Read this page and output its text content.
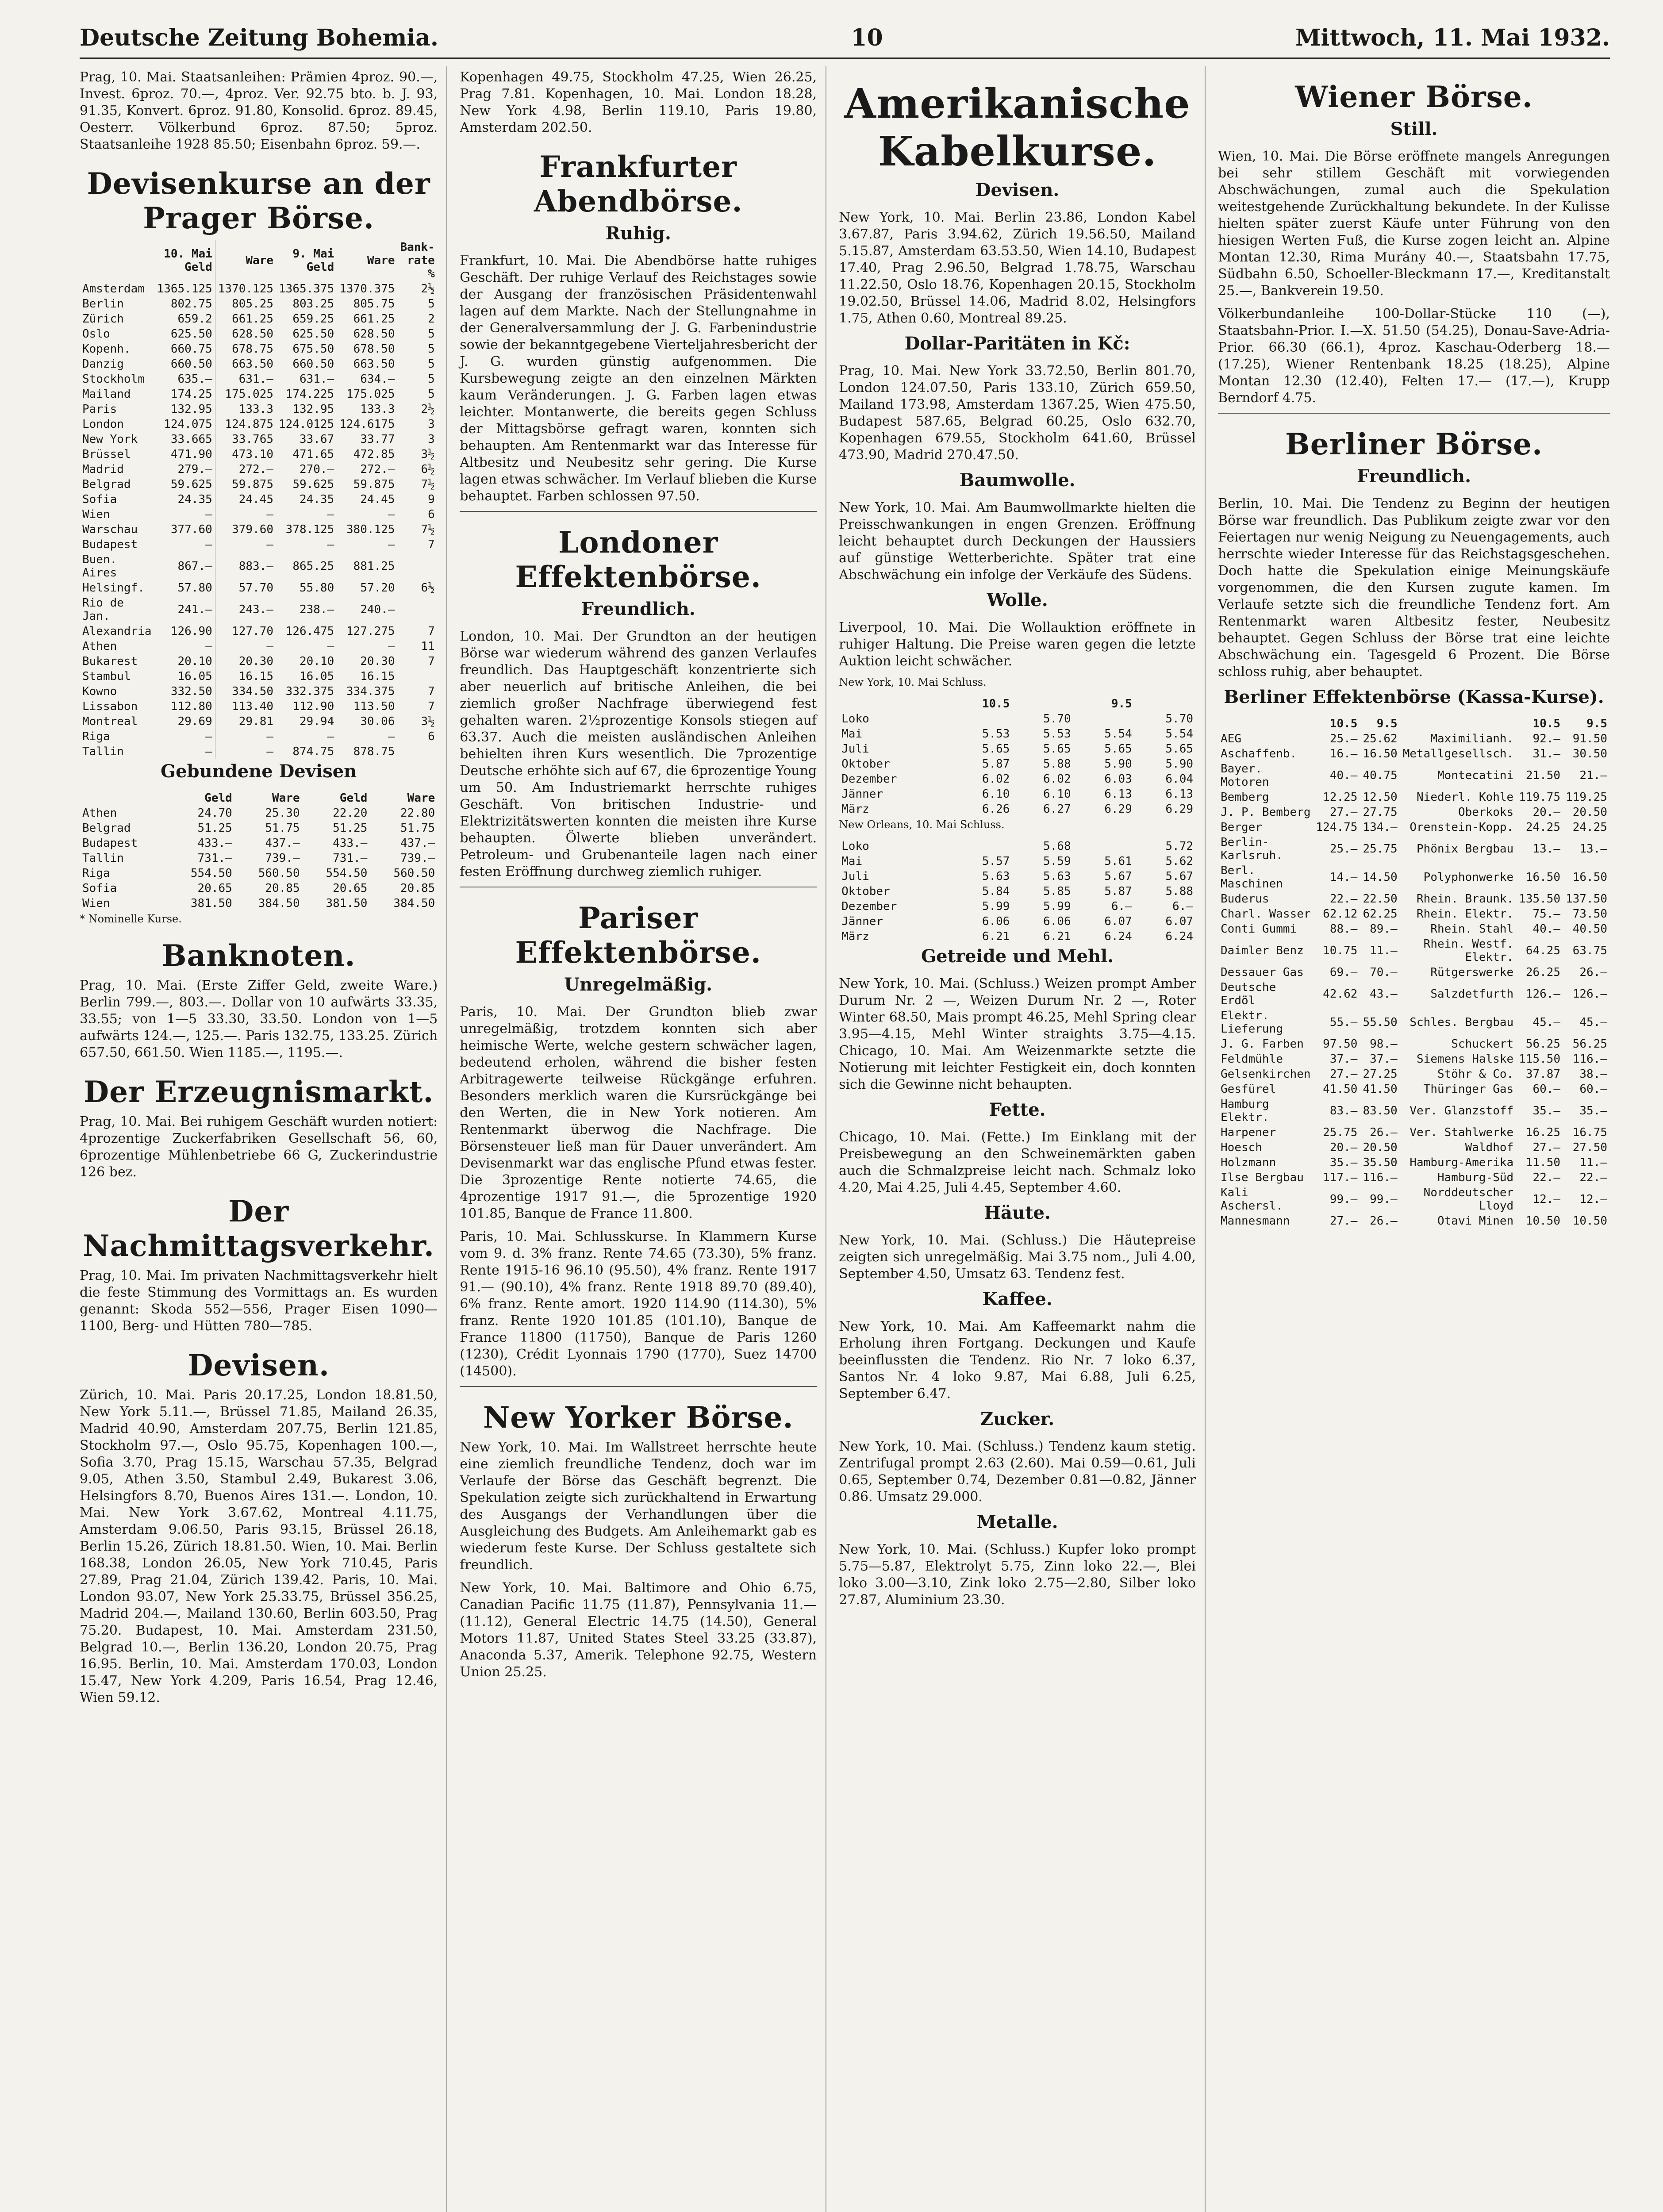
Deutsche Zeitung Bohemia.	10	Mittwoch, 11. Mai 1932.

Prag, 10. Mai. Staatsanleihen: Prämien 4proz. 90.—, Invest. 6proz. 70.—, 4proz. Ver. 92.75 bto. b. J. 93, 91.35, Konvert. 6proz. 91.80, Konsolid. 6proz. 89.45, Oesterr. Völkerbund 6proz. 87.50; 5proz. Staatsanleihe 1928 85.50; Eisenbahn 6proz. 59.—.

Devisenkurse an der Prager Börse.
	10. Mai Geld	Ware	9. Mai Geld	Ware	Bank-rate %
Amsterdam	1365.125	1370.125	1365.375	1370.375	2½
Berlin	802.75	805.25	803.25	805.75	5
Zürich	659.2	661.25	659.25	661.25	2
Oslo	625.50	628.50	625.50	628.50	5
Kopenh.	660.75	678.75	675.50	678.50	5
Danzig	660.50	663.50	660.50	663.50	5
Stockholm	635.—	631.—	631.—	634.—	5
Mailand	174.25	175.025	174.225	175.025	5
Paris	132.95	133.3	132.95	133.3	2½
London	124.075	124.875	124.0125	124.6175	3
New York	33.665	33.765	33.67	33.77	3
Brüssel	471.90	473.10	471.65	472.85	3½
Madrid	279.—	272.—	270.—	272.—	6½
Belgrad	59.625	59.875	59.625	59.875	7½
Sofia	24.35	24.45	24.35	24.45	9
Wien	—	—	—	—	6
Warschau	377.60	379.60	378.125	380.125	7½
Budapest	—	—	—	—	7
Buen. Aires	867.—	883.—	865.25	881.25	
Helsingf.	57.80	57.70	55.80	57.20	6½
Rio de Jan.	241.—	243.—	238.—	240.—	
Alexandria	126.90	127.70	126.475	127.275	7
Athen	—	—	—	—	11
Bukarest	20.10	20.30	20.10	20.30	7
Stambul	16.05	16.15	16.05	16.15	
Kowno	332.50	334.50	332.375	334.375	7
Lissabon	112.80	113.40	112.90	113.50	7
Montreal	29.69	29.81	29.94	30.06	3½
Riga	—	—	—	—	6
Tallin	—	—	874.75	878.75	
Gebundene Devisen
	Geld	Ware	Geld	Ware
Athen	24.70	25.30	22.20	22.80
Belgrad	51.25	51.75	51.25	51.75
Budapest	433.—	437.—	433.—	437.—
Tallin	731.—	739.—	731.—	739.—
Riga	554.50	560.50	554.50	560.50
Sofia	20.65	20.85	20.65	20.85
Wien	381.50	384.50	381.50	384.50
* Nominelle Kurse.
Banknoten.

Prag, 10. Mai. (Erste Ziffer Geld, zweite Ware.) Berlin 799.—, 803.—. Dollar von 10 aufwärts 33.35, 33.55; von 1—5 33.30, 33.50. London von 1—5 aufwärts 124.—, 125.—. Paris 132.75, 133.25. Zürich 657.50, 661.50. Wien 1185.—, 1195.—.

Der Erzeugnismarkt.

Prag, 10. Mai. Bei ruhigem Geschäft wurden notiert: 4prozentige Zuckerfabriken Gesellschaft 56, 60, 6prozentige Mühlenbetriebe 66 G, Zuckerindustrie 126 bez.

Der Nachmittagsverkehr.

Prag, 10. Mai. Im privaten Nachmittagsverkehr hielt die feste Stimmung des Vormittags an. Es wurden genannt: Skoda 552—556, Prager Eisen 1090—1100, Berg- und Hütten 780—785.

Devisen.

Zürich, 10. Mai. Paris 20.17.25, London 18.81.50, New York 5.11.—, Brüssel 71.85, Mailand 26.35, Madrid 40.90, Amsterdam 207.75, Berlin 121.85, Stockholm 97.—, Oslo 95.75, Kopenhagen 100.—, Sofia 3.70, Prag 15.15, Warschau 57.35, Belgrad 9.05, Athen 3.50, Stambul 2.49, Bukarest 3.06, Helsingfors 8.70, Buenos Aires 131.—. London, 10. Mai. New York 3.67.62, Montreal 4.11.75, Amsterdam 9.06.50, Paris 93.15, Brüssel 26.18, Berlin 15.26, Zürich 18.81.50. Wien, 10. Mai. Berlin 168.38, London 26.05, New York 710.45, Paris 27.89, Prag 21.04, Zürich 139.42. Paris, 10. Mai. London 93.07, New York 25.33.75, Brüssel 356.25, Madrid 204.—, Mailand 130.60, Berlin 603.50, Prag 75.20. Budapest, 10. Mai. Amsterdam 231.50, Belgrad 10.—, Berlin 136.20, London 20.75, Prag 16.95. Berlin, 10. Mai. Amsterdam 170.03, London 15.47, New York 4.209, Paris 16.54, Prag 12.46, Wien 59.12.

Kopenhagen 49.75, Stockholm 47.25, Wien 26.25, Prag 7.81. Kopenhagen, 10. Mai. London 18.28, New York 4.98, Berlin 119.10, Paris 19.80, Amsterdam 202.50.

Frankfurter Abendbörse.
Ruhig.

Frankfurt, 10. Mai. Die Abendbörse hatte ruhiges Geschäft. Der ruhige Verlauf des Reichstages sowie der Ausgang der französischen Präsidentenwahl lagen auf dem Markte. Nach der Stellungnahme in der Generalversammlung der J. G. Farbenindustrie sowie der bekanntgegebene Vierteljahresbericht der J. G. wurden günstig aufgenommen. Die Kursbewegung zeigte an den einzelnen Märkten kaum Veränderungen. J. G. Farben lagen etwas leichter. Montanwerte, die bereits gegen Schluss der Mittagsbörse gefragt waren, konnten sich behaupten. Am Rentenmarkt war das Interesse für Altbesitz und Neubesitz sehr gering. Die Kurse lagen etwas schwächer. Im Verlauf blieben die Kurse behauptet. Farben schlossen 97.50.

Londoner Effektenbörse.
Freundlich.

London, 10. Mai. Der Grundton an der heutigen Börse war wiederum während des ganzen Verlaufes freundlich. Das Hauptgeschäft konzentrierte sich aber neuerlich auf britische Anleihen, die bei ziemlich großer Nachfrage überwiegend fest gehalten waren. 2½prozentige Konsols stiegen auf 63.37. Auch die meisten ausländischen Anleihen behielten ihren Kurs wesentlich. Die 7prozentige Deutsche erhöhte sich auf 67, die 6prozentige Young um 50. Am Industriemarkt herrschte ruhiges Geschäft. Von britischen Industrie- und Elektrizitätswerten konnten die meisten ihre Kurse behaupten. Ölwerte blieben unverändert. Petroleum- und Grubenanteile lagen nach einer festen Eröffnung durchweg ziemlich ruhiger.

Pariser Effektenbörse.
Unregelmäßig.

Paris, 10. Mai. Der Grundton blieb zwar unregelmäßig, trotzdem konnten sich aber heimische Werte, welche gestern schwächer lagen, bedeutend erholen, während die bisher festen Arbitragewerte teilweise Rückgänge erfuhren. Besonders merklich waren die Kursrückgänge bei den Werten, die in New York notieren. Am Rentenmarkt überwog die Nachfrage. Die Börsensteuer ließ man für Dauer unverändert. Am Devisenmarkt war das englische Pfund etwas fester. Die 3prozentige Rente notierte 74.65, die 4prozentige 1917 91.—, die 5prozentige 1920 101.85, Banque de France 11.800.

Paris, 10. Mai. Schlusskurse. In Klammern Kurse vom 9. d. 3% franz. Rente 74.65 (73.30), 5% franz. Rente 1915-16 96.10 (95.50), 4% franz. Rente 1917 91.— (90.10), 4% franz. Rente 1918 89.70 (89.40), 6% franz. Rente amort. 1920 114.90 (114.30), 5% franz. Rente 1920 101.85 (101.10), Banque de France 11800 (11750), Banque de Paris 1260 (1230), Crédit Lyonnais 1790 (1770), Suez 14700 (14500).

New Yorker Börse.

New York, 10. Mai. Im Wallstreet herrschte heute eine ziemlich freundliche Tendenz, doch war im Verlaufe der Börse das Geschäft begrenzt. Die Spekulation zeigte sich zurückhaltend in Erwartung des Ausgangs der Verhandlungen über die Ausgleichung des Budgets. Am Anleihemarkt gab es wiederum feste Kurse. Der Schluss gestaltete sich freundlich.

New York, 10. Mai. Baltimore and Ohio 6.75, Canadian Pacific 11.75 (11.87), Pennsylvania 11.— (11.12), General Electric 14.75 (14.50), General Motors 11.87, United States Steel 33.25 (33.87), Anaconda 5.37, Amerik. Telephone 92.75, Western Union 25.25.

Amerikanische Kabelkurse.
Devisen.

New York, 10. Mai. Berlin 23.86, London Kabel 3.67.87, Paris 3.94.62, Zürich 19.56.50, Mailand 5.15.87, Amsterdam 63.53.50, Wien 14.10, Budapest 17.40, Prag 2.96.50, Belgrad 1.78.75, Warschau 11.22.50, Oslo 18.76, Kopenhagen 20.15, Stockholm 19.02.50, Brüssel 14.06, Madrid 8.02, Helsingfors 1.75, Athen 0.60, Montreal 89.25.

Dollar-Paritäten in Kč:

Prag, 10. Mai. New York 33.72.50, Berlin 801.70, London 124.07.50, Paris 133.10, Zürich 659.50, Mailand 173.98, Amsterdam 1367.25, Wien 475.50, Budapest 587.65, Belgrad 60.25, Oslo 632.70, Kopenhagen 679.55, Stockholm 641.60, Brüssel 473.90, Madrid 270.47.50.

Baumwolle.

New York, 10. Mai. Am Baumwollmarkte hielten die Preisschwankungen in engen Grenzen. Eröffnung leicht behauptet durch Deckungen der Haussiers auf günstige Wetterberichte. Später trat eine Abschwächung ein infolge der Verkäufe des Südens.

Wolle.

Liverpool, 10. Mai. Die Wollauktion eröffnete in ruhiger Haltung. Die Preise waren gegen die letzte Auktion leicht schwächer.

New York, 10. Mai Schluss.
	10.5		9.5	
Loko		5.70		5.70
Mai	5.53	5.53	5.54	5.54
Juli	5.65	5.65	5.65	5.65
Oktober	5.87	5.88	5.90	5.90
Dezember	6.02	6.02	6.03	6.04
Jänner	6.10	6.10	6.13	6.13
März	6.26	6.27	6.29	6.29
New Orleans, 10. Mai Schluss.
Loko		5.68		5.72
Mai	5.57	5.59	5.61	5.62
Juli	5.63	5.63	5.67	5.67
Oktober	5.84	5.85	5.87	5.88
Dezember	5.99	5.99	6.—	6.—
Jänner	6.06	6.06	6.07	6.07
März	6.21	6.21	6.24	6.24
Getreide und Mehl.

New York, 10. Mai. (Schluss.) Weizen prompt Amber Durum Nr. 2 —, Weizen Durum Nr. 2 —, Roter Winter 68.50, Mais prompt 46.25, Mehl Spring clear 3.95—4.15, Mehl Winter straights 3.75—4.15. Chicago, 10. Mai. Am Weizenmarkte setzte die Notierung mit leichter Festigkeit ein, doch konnten sich die Gewinne nicht behaupten.

Fette.

Chicago, 10. Mai. (Fette.) Im Einklang mit der Preisbewegung an den Schweinemärkten gaben auch die Schmalzpreise leicht nach. Schmalz loko 4.20, Mai 4.25, Juli 4.45, September 4.60.

Häute.

New York, 10. Mai. (Schluss.) Die Häutepreise zeigten sich unregelmäßig. Mai 3.75 nom., Juli 4.00, September 4.50, Umsatz 63. Tendenz fest.

Kaffee.

New York, 10. Mai. Am Kaffeemarkt nahm die Erholung ihren Fortgang. Deckungen und Kaufe beeinflussten die Tendenz. Rio Nr. 7 loko 6.37, Santos Nr. 4 loko 9.87, Mai 6.88, Juli 6.25, September 6.47.

Zucker.

New York, 10. Mai. (Schluss.) Tendenz kaum stetig. Zentrifugal prompt 2.63 (2.60). Mai 0.59—0.61, Juli 0.65, September 0.74, Dezember 0.81—0.82, Jänner 0.86. Umsatz 29.000.

Metalle.

New York, 10. Mai. (Schluss.) Kupfer loko prompt 5.75—5.87, Elektrolyt 5.75, Zinn loko 22.—, Blei loko 3.00—3.10, Zink loko 2.75—2.80, Silber loko 27.87, Aluminium 23.30.

Wiener Börse.
Still.

Wien, 10. Mai. Die Börse eröffnete mangels Anregungen bei sehr stillem Geschäft mit vorwiegenden Abschwächungen, zumal auch die Spekulation weitestgehende Zurückhaltung bekundete. In der Kulisse hielten später zuerst Käufe unter Führung von den hiesigen Werten Fuß, die Kurse zogen leicht an. Alpine Montan 12.30, Rima Murány 40.—, Staatsbahn 17.75, Südbahn 6.50, Schoeller-Bleckmann 17.—, Kreditanstalt 25.—, Bankverein 19.50.

Völkerbundanleihe 100-Dollar-Stücke 110 (—), Staatsbahn-Prior. I.—X. 51.50 (54.25), Donau-Save-Adria-Prior. 66.30 (66.1), 4proz. Kaschau-Oderberg 18.— (17.25), Wiener Rentenbank 18.25 (18.25), Alpine Montan 12.30 (12.40), Felten 17.— (17.—), Krupp Berndorf 4.75.

Berliner Börse.
Freundlich.

Berlin, 10. Mai. Die Tendenz zu Beginn der heutigen Börse war freundlich. Das Publikum zeigte zwar vor den Feiertagen nur wenig Neigung zu Neuengagements, auch herrschte wieder Interesse für das Reichstagsgeschehen. Doch hatte die Spekulation einige Meinungskäufe vorgenommen, die den Kursen zugute kamen. Im Verlaufe setzte sich die freundliche Tendenz fort. Am Rentenmarkt waren Altbesitz fester, Neubesitz behauptet. Gegen Schluss der Börse trat eine leichte Abschwächung ein. Tagesgeld 6 Prozent. Die Börse schloss ruhig, aber behauptet.

Berliner Effektenbörse (Kassa-Kurse).
	10.5	9.5		10.5	9.5
AEG	25.—	25.62	Maximilianh.	92.—	91.50
Aschaffenb.	16.—	16.50	Metallgesellsch.	31.—	30.50
Bayer. Motoren	40.—	40.75	Montecatini	21.50	21.—
Bemberg	12.25	12.50	Niederl. Kohle	119.75	119.25
J. P. Bemberg	27.—	27.75	Oberkoks	20.—	20.50
Berger	124.75	134.—	Orenstein-Kopp.	24.25	24.25
Berlin-Karlsruh.	25.—	25.75	Phönix Bergbau	13.—	13.—
Berl. Maschinen	14.—	14.50	Polyphonwerke	16.50	16.50
Buderus	22.—	22.50	Rhein. Braunk.	135.50	137.50
Charl. Wasser	62.12	62.25	Rhein. Elektr.	75.—	73.50
Conti Gummi	88.—	89.—	Rhein. Stahl	40.—	40.50
Daimler Benz	10.75	11.—	Rhein. Westf. Elektr.	64.25	63.75
Dessauer Gas	69.—	70.—	Rütgerswerke	26.25	26.—
Deutsche Erdöl	42.62	43.—	Salzdetfurth	126.—	126.—
Elektr. Lieferung	55.—	55.50	Schles. Bergbau	45.—	45.—
J. G. Farben	97.50	98.—	Schuckert	56.25	56.25
Feldmühle	37.—	37.—	Siemens Halske	115.50	116.—
Gelsenkirchen	27.—	27.25	Stöhr & Co.	37.87	38.—
Gesfürel	41.50	41.50	Thüringer Gas	60.—	60.—
Hamburg Elektr.	83.—	83.50	Ver. Glanzstoff	35.—	35.—
Harpener	25.75	26.—	Ver. Stahlwerke	16.25	16.75
Hoesch	20.—	20.50	Waldhof	27.—	27.50
Holzmann	35.—	35.50	Hamburg-Amerika	11.50	11.—
Ilse Bergbau	117.—	116.—	Hamburg-Süd	22.—	22.—
Kali Aschersl.	99.—	99.—	Norddeutscher Lloyd	12.—	12.—
Mannesmann	27.—	26.—	Otavi Minen	10.50	10.50
